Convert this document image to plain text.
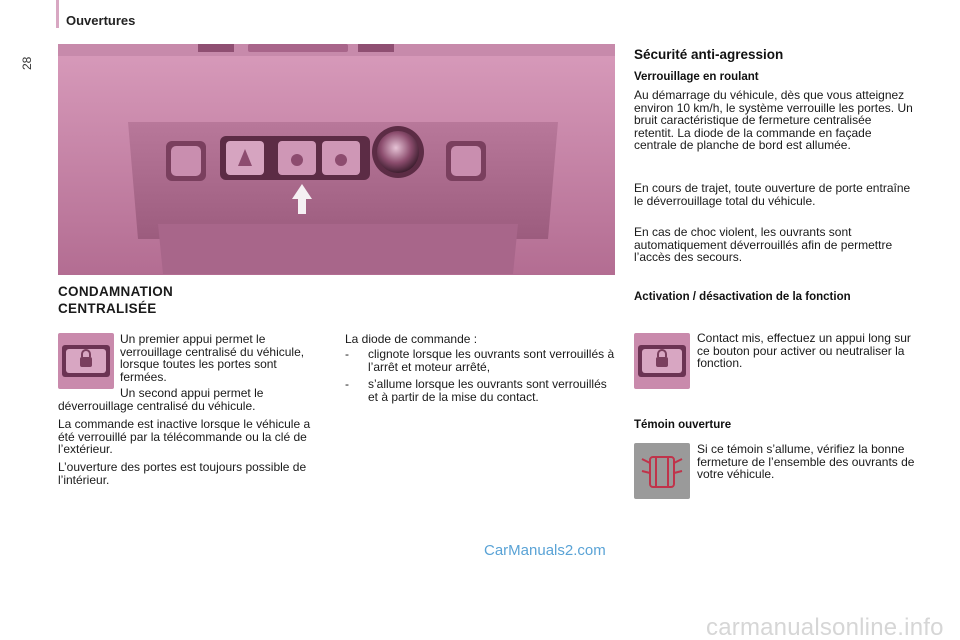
Ouvertures
28
CONDAMNATION
CENTRALISÉE
Un premier appui permet le verrouillage centralisé du véhicule, lorsque toutes les portes sont fermées.
Un second appui permet le
déverrouillage centralisé du véhicule.
La commande est inactive lorsque le véhicule a été verrouillé par la télécommande ou la clé de l’extérieur.
L’ouverture des portes est toujours possible de l’intérieur.
La diode de commande :
-	clignote lorsque les ouvrants sont verrouillés à l’arrêt et moteur arrêté,
-	s’allume lorsque les ouvrants sont verrouillés et à partir de la mise du contact.
Sécurité anti-agression
Verrouillage en roulant
Au démarrage du véhicule, dès que vous atteignez environ 10 km/h, le système verrouille les portes. Un bruit caractéristique de fermeture centralisée retentit. La diode de la commande en façade centrale de planche de bord est allumée.
En cours de trajet, toute ouverture de porte entraîne le déverrouillage total du véhicule.
En cas de choc violent, les ouvrants sont automatiquement déverrouillés afin de permettre l’accès des secours.
Activation / désactivation de la fonction
Contact mis, effectuez un appui long sur ce bouton pour activer ou neutraliser la fonction.
Témoin ouverture
Si ce témoin s’allume, vérifiez la bonne fermeture de l’ensemble des ouvrants de votre véhicule.
CarManuals2.com
carmanualsonline.info
